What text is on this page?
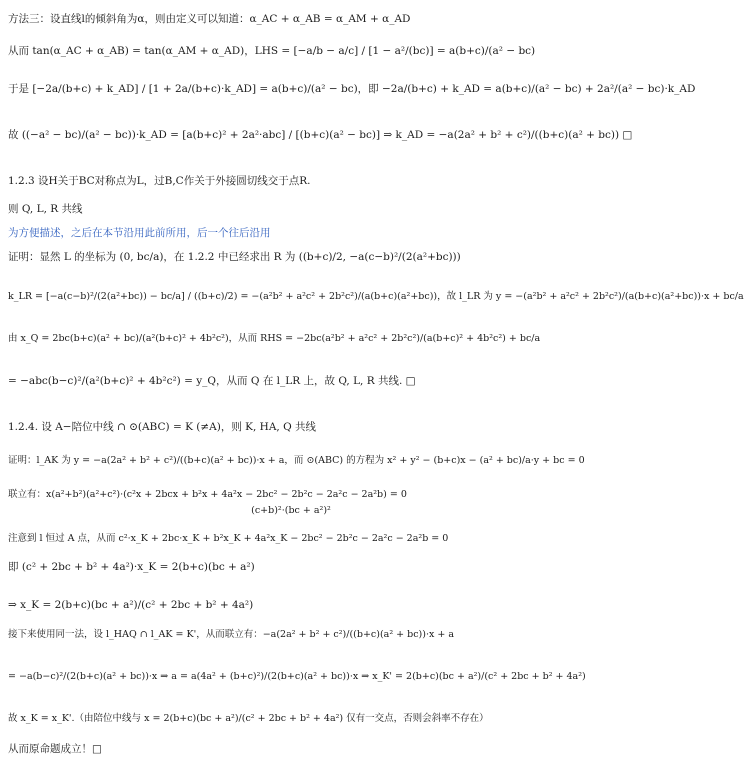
方法三：设直线l的倾斜角为α，则由定义可以知道：α_AC + α_AB = α_AM + α_AD
从而 tan(α_AC + α_AB) = tan(α_AM + α_AD)，LHS = [−a/b − a/c] / [1 − a²/(bc)] = a(b+c)/(a² − bc)
于是 [−2a/(b+c) + k_AD] / [1 + 2a/(b+c)·k_AD] = a(b+c)/(a² − bc)，即 −2a/(b+c) + k_AD = a(b+c)/(a² − bc) + 2a²/(a² − bc)·k_AD
故 ((−a² − bc)/(a² − bc))·k_AD = [a(b+c)² + 2a²·abc] / [(b+c)(a² − bc)] ⇒ k_AD = −a(2a² + b² + c²)/((b+c)(a² + bc)) □
1.2.3 设H关于BC对称点为L，过B,C作关于外接圆切线交于点R.
则 Q, L, R 共线
为方便描述，之后在本节沿用此前所用，后一个往后沿用
证明：显然 L 的坐标为 (0, bc/a)，在 1.2.2 中已经求出 R 为 ((b+c)/2, −a(c−b)²/(2(a²+bc)))
k_LR = [−a(c−b)²/(2(a²+bc)) − bc/a] / ((b+c)/2) = −(a²b² + a²c² + 2b²c²)/(a(b+c)(a²+bc))，故 l_LR 为 y = −(a²b² + a²c² + 2b²c²)/(a(b+c)(a²+bc))·x + bc/a
由 x_Q = 2bc(b+c)(a² + bc)/(a²(b+c)² + 4b²c²)，从而 RHS = −2bc(a²b² + a²c² + 2b²c²)/(a(b+c)² + 4b²c²) + bc/a
= −abc(b−c)²/(a²(b+c)² + 4b²c²) = y_Q，从而 Q 在 l_LR 上，故 Q, L, R 共线. □
1.2.4. 设 A−陪位中线 ∩ ⊙(ABC) = K (≠A)，则 K, HA, Q 共线
证明：l_AK 为 y = −a(2a² + b² + c²)/((b+c)(a² + bc))·x + a，而 ⊙(ABC) 的方程为 x² + y² − (b+c)x − (a² + bc)/a·y + bc = 0
联立有：x(a²+b²)(a²+c²)·(c²x + 2bcx + b²x + 4a²x − 2bc² − 2b²c − 2a²c − 2a²b) = 0
(c+b)²·(bc + a²)²
注意到 l 恒过 A 点，从而 c²·x_K + 2bc·x_K + b²x_K + 4a²x_K − 2bc² − 2b²c − 2a²c − 2a²b = 0
即 (c² + 2bc + b² + 4a²)·x_K = 2(b+c)(bc + a²)
⇒ x_K = 2(b+c)(bc + a²)/(c² + 2bc + b² + 4a²)
接下来使用同一法，设 l_HAQ ∩ l_AK = K'，从而联立有：−a(2a² + b² + c²)/((b+c)(a² + bc))·x + a
= −a(b−c)²/(2(b+c)(a² + bc))·x ⇒ a = a(4a² + (b+c)²)/(2(b+c)(a² + bc))·x ⇒ x_K' = 2(b+c)(bc + a²)/(c² + 2bc + b² + 4a²)
故 x_K = x_K'.（由陪位中线与 x = 2(b+c)(bc + a²)/(c² + 2bc + b² + 4a²) 仅有一交点，否则会斜率不存在）
从而原命题成立！□
